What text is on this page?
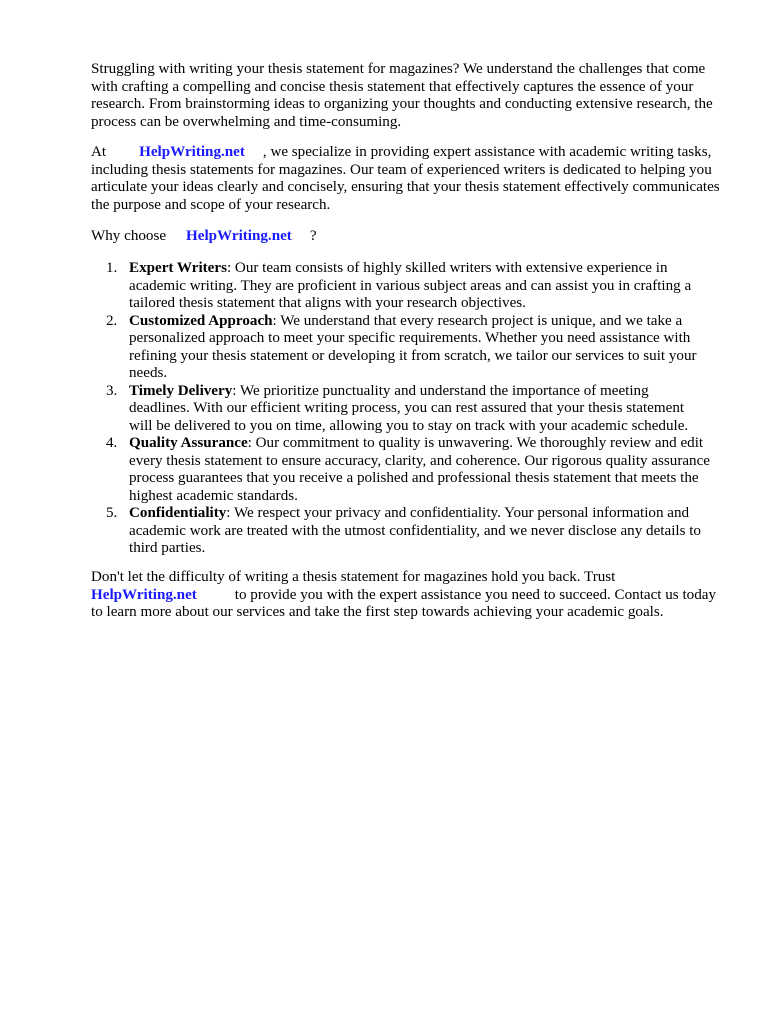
Struggling with writing your thesis statement for magazines? We understand the challenges that come with crafting a compelling and concise thesis statement that effectively captures the essence of your research. From brainstorming ideas to organizing your thoughts and conducting extensive research, the process can be overwhelming and time-consuming.

At HelpWriting.net , we specialize in providing expert assistance with academic writing tasks, including thesis statements for magazines. Our team of experienced writers is dedicated to helping you articulate your ideas clearly and concisely, ensuring that your thesis statement effectively communicates the purpose and scope of your research.

Why choose HelpWriting.net ?

1. Expert Writers: Our team consists of highly skilled writers with extensive experience in academic writing. They are proficient in various subject areas and can assist you in crafting a tailored thesis statement that aligns with your research objectives.
2. Customized Approach: We understand that every research project is unique, and we take a personalized approach to meet your specific requirements. Whether you need assistance with refining your thesis statement or developing it from scratch, we tailor our services to suit your needs.
3. Timely Delivery: We prioritize punctuality and understand the importance of meeting deadlines. With our efficient writing process, you can rest assured that your thesis statement will be delivered to you on time, allowing you to stay on track with your academic schedule.
4. Quality Assurance: Our commitment to quality is unwavering. We thoroughly review and edit every thesis statement to ensure accuracy, clarity, and coherence. Our rigorous quality assurance process guarantees that you receive a polished and professional thesis statement that meets the highest academic standards.
5. Confidentiality: We respect your privacy and confidentiality. Your personal information and academic work are treated with the utmost confidentiality, and we never disclose any details to third parties.

Don't let the difficulty of writing a thesis statement for magazines hold you back. Trust HelpWriting.net	to provide you with the expert assistance you need to succeed. Contact us today to learn more about our services and take the first step towards achieving your academic goals.
